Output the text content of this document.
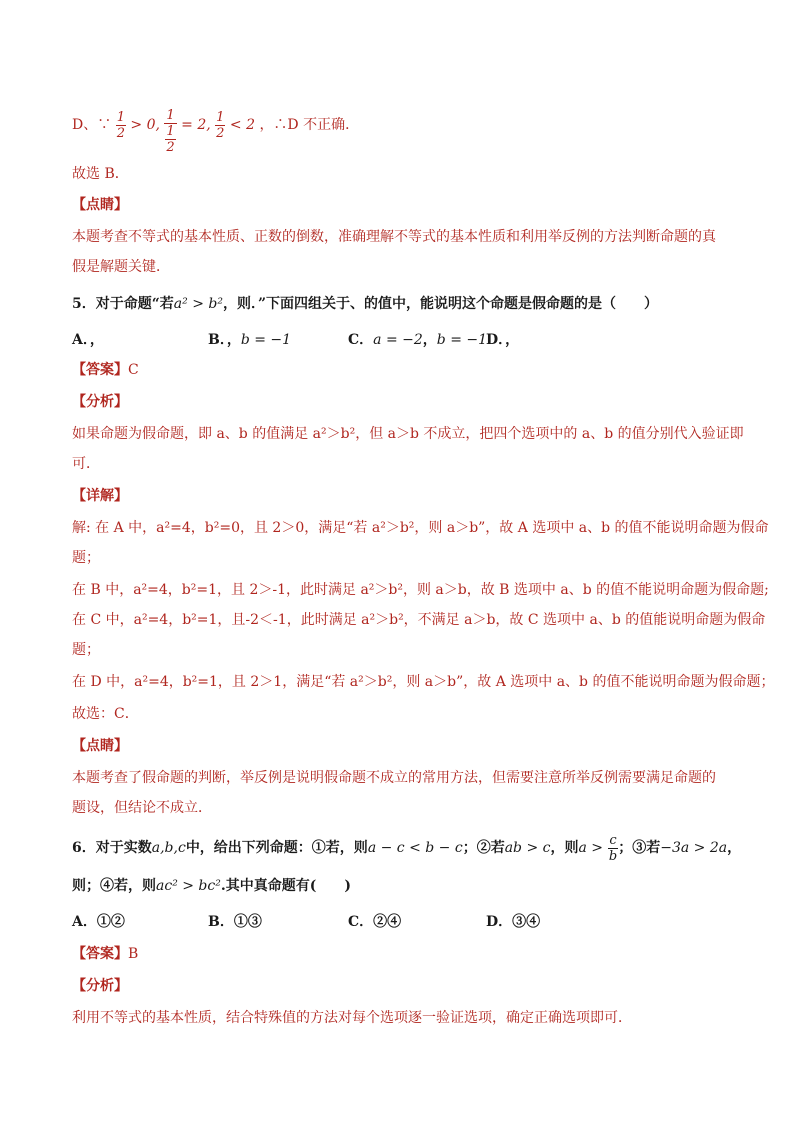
D、∵ $\frac{1}{2} > 0$, $\frac{1}{\frac{1}{2}} = 2$, $\frac{1}{2} < 2$ ，∴D 不正确．
故选 B．
【点睛】
本题考查不等式的基本性质、正数的倒数，准确理解不等式的基本性质和利用举反例的方法判断命题的真
假是解题关键．
5．对于命题“若a² > b²，则．”下面四组关于、的值中，能说明这个命题是假命题的是（　　）
A．，	B．，b = −1	C．a = −2，b = −1
D．，
【答案】C
【分析】
如果命题为假命题，即 a、b 的值满足 a²＞b²，但 a＞b 不成立，把四个选项中的 a、b 的值分别代入验证即
可．
【详解】
解: 在 A 中，a²=4，b²=0，且 2＞0，满足“若 a²＞b²，则 a＞b”，故 A 选项中 a、b 的值不能说明命题为假命
题；
在 B 中，a²=4，b²=1，且 2＞-1，此时满足 a²＞b²，则 a＞b，故 B 选项中 a、b 的值不能说明命题为假命题;
在 C 中，a²=4，b²=1，且-2＜-1，此时满足 a²＞b²，不满足 a＞b，故 C 选项中 a、b 的值能说明命题为假命
题；
在 D 中，a²=4，b²=1，且 2＞1，满足“若 a²＞b²，则 a＞b”，故 A 选项中 a、b 的值不能说明命题为假命题；
故选：C．
【点睛】
本题考查了假命题的判断，举反例是说明假命题不成立的常用方法，但需要注意所举反例需要满足命题的
题设，但结论不成立．
6．对于实数a,b,c中，给出下列命题：①若，则a − c < b − c；②若ab > c，则$a > \frac{c}{b}$ ；③若−3a > 2a，
则；④若，则ac² > bc².其中真命题有(　　)
A．①②	B．①③	C．②④	D．③④
【答案】B
【分析】
利用不等式的基本性质，结合特殊值的方法对每个选项逐一验证选项，确定正确选项即可．
